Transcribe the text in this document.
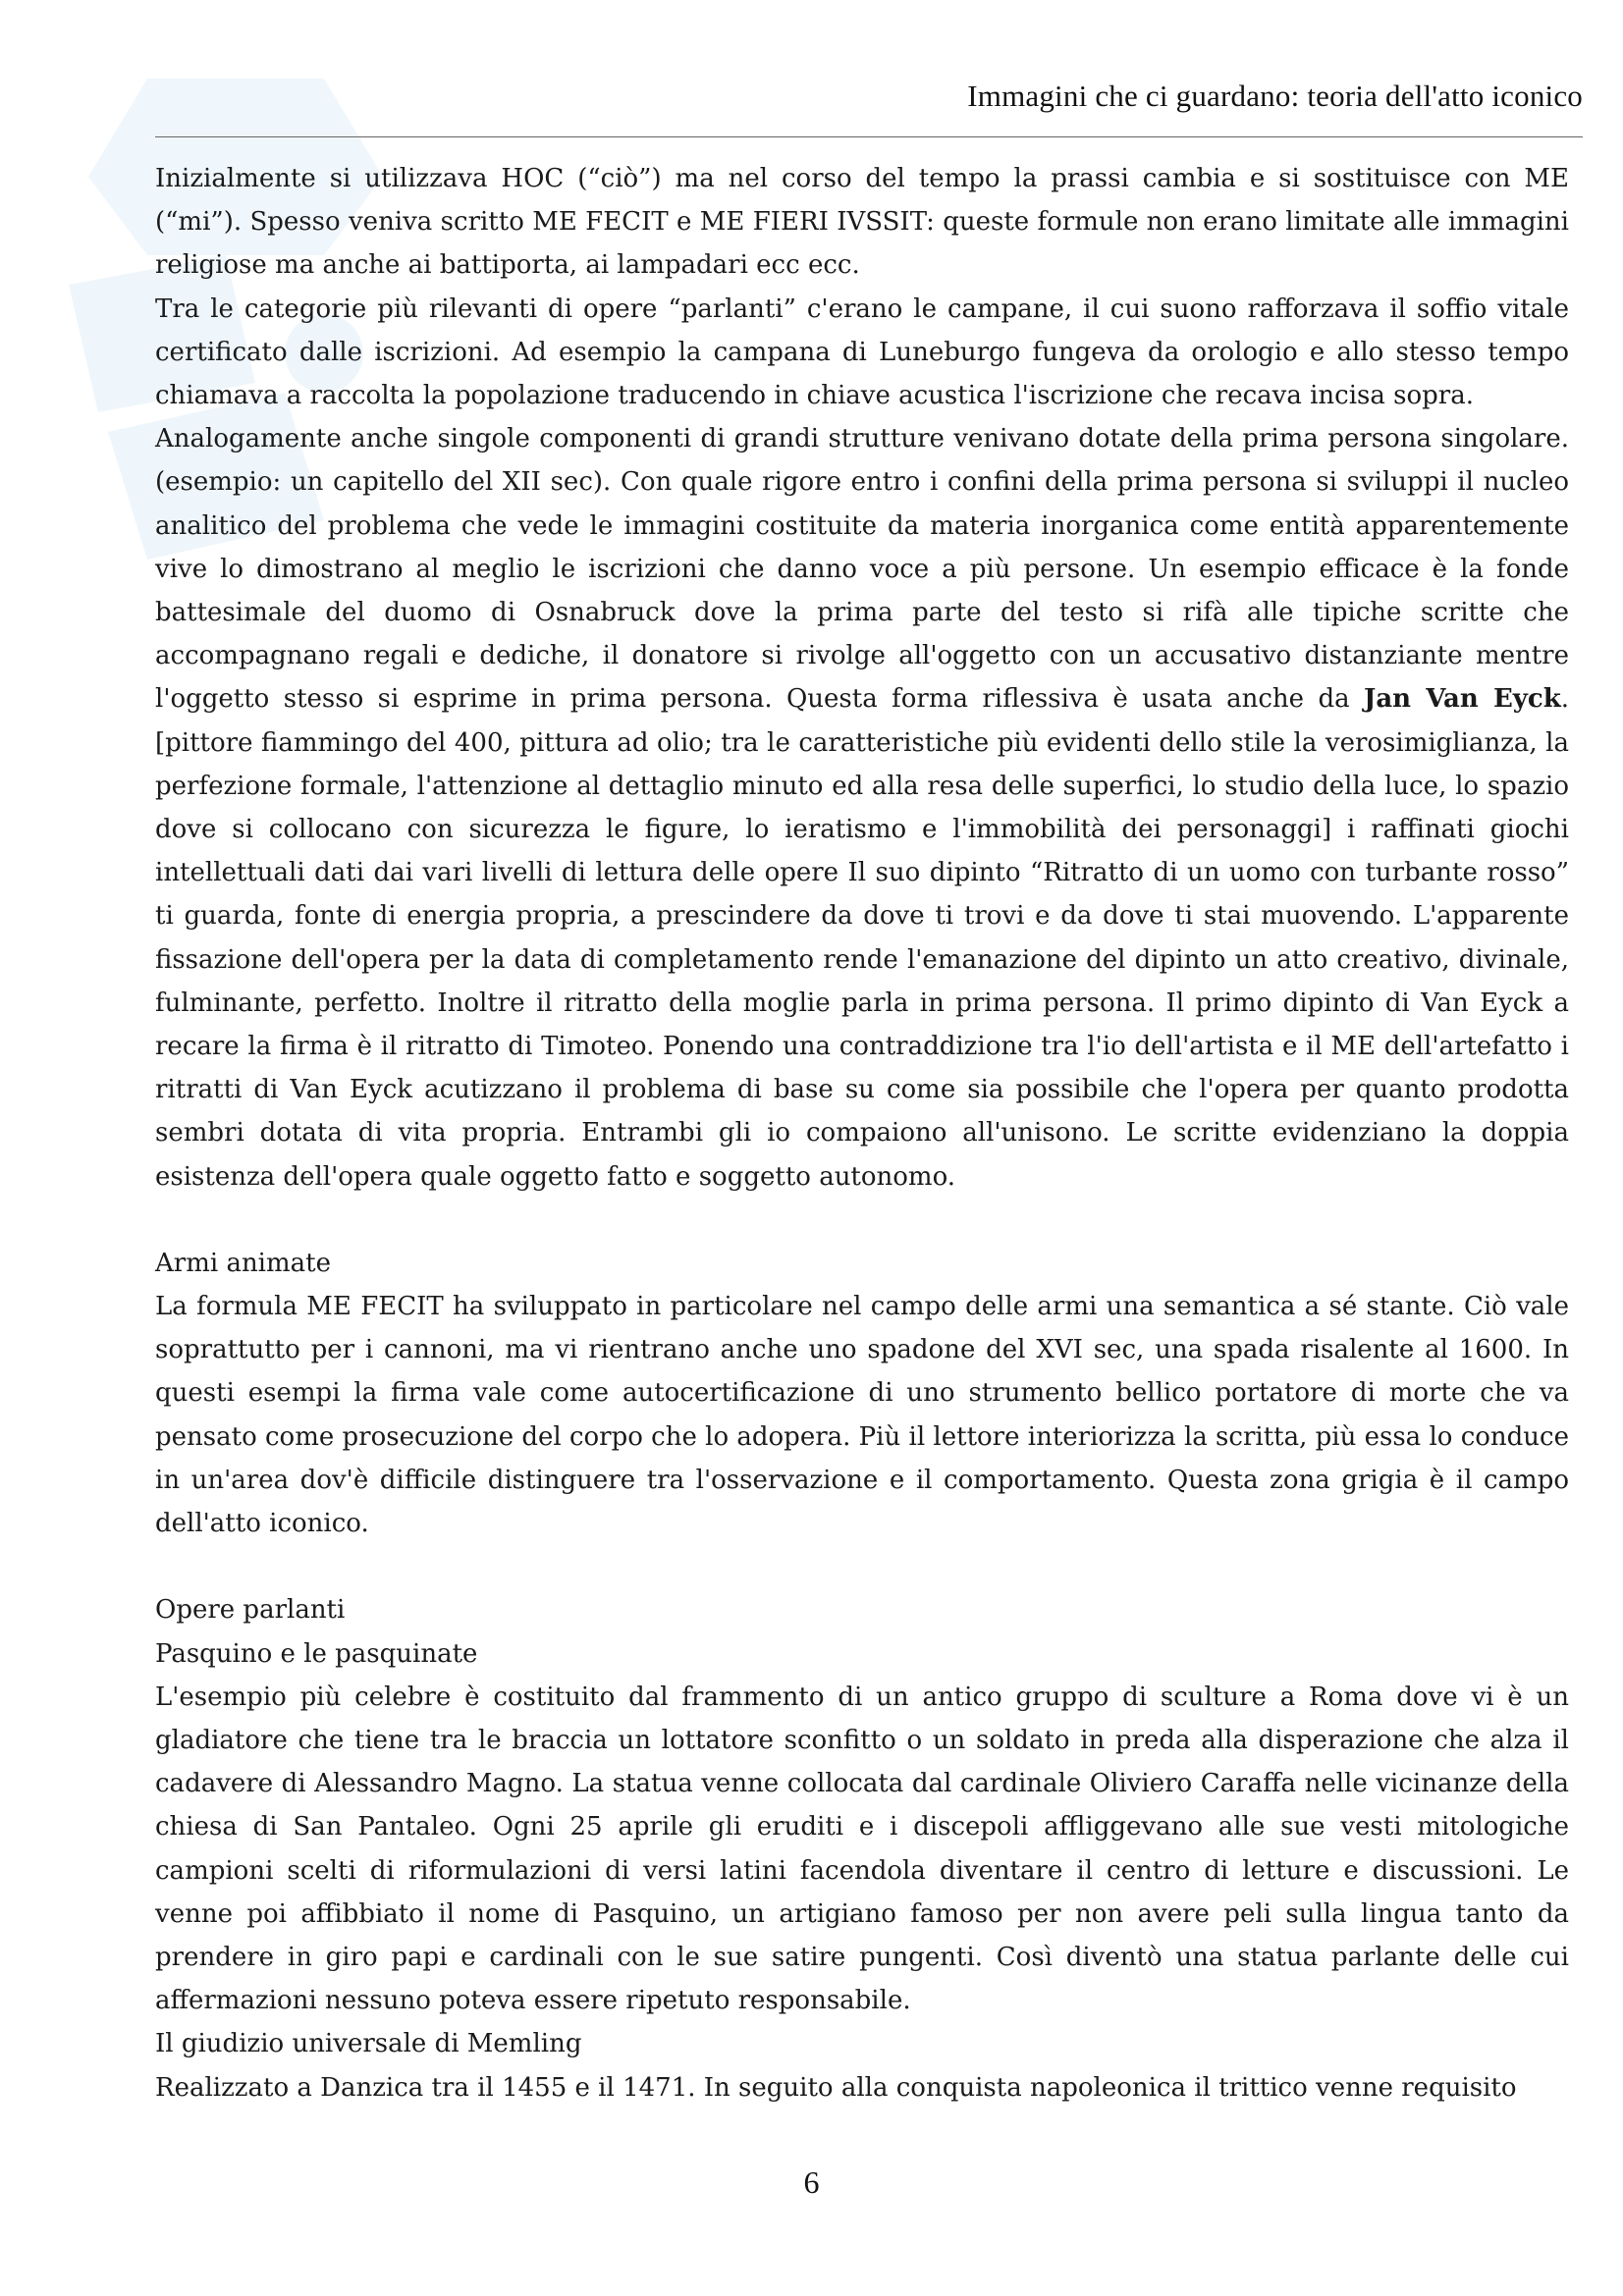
Immagini che ci guardano: teoria dell'atto iconico

Inizialmente si utilizzava HOC (“ciò”) ma nel corso del tempo la prassi cambia e si sostituisce con ME (“mi”). Spesso veniva scritto ME FECIT e ME FIERI IVSSIT: queste formule non erano limitate alle immagini religiose ma anche ai battiporta, ai lampadari ecc ecc.

Tra le categorie più rilevanti di opere “parlanti” c'erano le campane, il cui suono rafforzava il soffio vitale certificato dalle iscrizioni. Ad esempio la campana di Luneburgo fungeva da orologio e allo stesso tempo chiamava a raccolta la popolazione traducendo in chiave acustica l'iscrizione che recava incisa sopra.

Analogamente anche singole componenti di grandi strutture venivano dotate della prima persona singolare. (esempio: un capitello del XII sec). Con quale rigore entro i confini della prima persona si sviluppi il nucleo analitico del problema che vede le immagini costituite da materia inorganica come entità apparentemente vive lo dimostrano al meglio le iscrizioni che danno voce a più persone. Un esempio efficace è la fonde battesimale del duomo di Osnabruck dove la prima parte del testo si rifà alle tipiche scritte che accompagnano regali e dediche, il donatore si rivolge all'oggetto con un accusativo distanziante mentre l'oggetto stesso si esprime in prima persona. Questa forma riflessiva è usata anche da Jan Van Eyck. [pittore fiammingo del 400, pittura ad olio; tra le caratteristiche più evidenti dello stile la verosimiglianza, la perfezione formale, l'attenzione al dettaglio minuto ed alla resa delle superfici, lo studio della luce, lo spazio dove si collocano con sicurezza le figure, lo ieratismo e l'immobilità dei personaggi] i raffinati giochi intellettuali dati dai vari livelli di lettura delle opere Il suo dipinto “Ritratto di un uomo con turbante rosso” ti guarda, fonte di energia propria, a prescindere da dove ti trovi e da dove ti stai muovendo. L'apparente fissazione dell'opera per la data di completamento rende l'emanazione del dipinto un atto creativo, divinale, fulminante, perfetto. Inoltre il ritratto della moglie parla in prima persona. Il primo dipinto di Van Eyck a recare la firma è il ritratto di Timoteo. Ponendo una contraddizione tra l'io dell'artista e il ME dell'artefatto i ritratti di Van Eyck acutizzano il problema di base su come sia possibile che l'opera per quanto prodotta sembri dotata di vita propria. Entrambi gli io compaiono all'unisono. Le scritte evidenziano la doppia esistenza dell'opera quale oggetto fatto e soggetto autonomo.

Armi animate

La formula ME FECIT ha sviluppato in particolare nel campo delle armi una semantica a sé stante. Ciò vale soprattutto per i cannoni, ma vi rientrano anche uno spadone del XVI sec, una spada risalente al 1600. In questi esempi la firma vale come autocertificazione di uno strumento bellico portatore di morte che va pensato come prosecuzione del corpo che lo adopera. Più il lettore interiorizza la scritta, più essa lo conduce in un'area dov'è difficile distinguere tra l'osservazione e il comportamento. Questa zona grigia è il campo dell'atto iconico.

Opere parlanti

Pasquino e le pasquinate

L'esempio più celebre è costituito dal frammento di un antico gruppo di sculture a Roma dove vi è un gladiatore che tiene tra le braccia un lottatore sconfitto o un soldato in preda alla disperazione che alza il cadavere di Alessandro Magno. La statua venne collocata dal cardinale Oliviero Caraffa nelle vicinanze della chiesa di San Pantaleo. Ogni 25 aprile gli eruditi e i discepoli affliggevano alle sue vesti mitologiche campioni scelti di riformulazioni di versi latini facendola diventare il centro di letture e discussioni. Le venne poi affibbiato il nome di Pasquino, un artigiano famoso per non avere peli sulla lingua tanto da prendere in giro papi e cardinali con le sue satire pungenti. Così diventò una statua parlante delle cui affermazioni nessuno poteva essere ripetuto responsabile.

Il giudizio universale di Memling

Realizzato a Danzica tra il 1455 e il 1471. In seguito alla conquista napoleonica il trittico venne requisito

6
